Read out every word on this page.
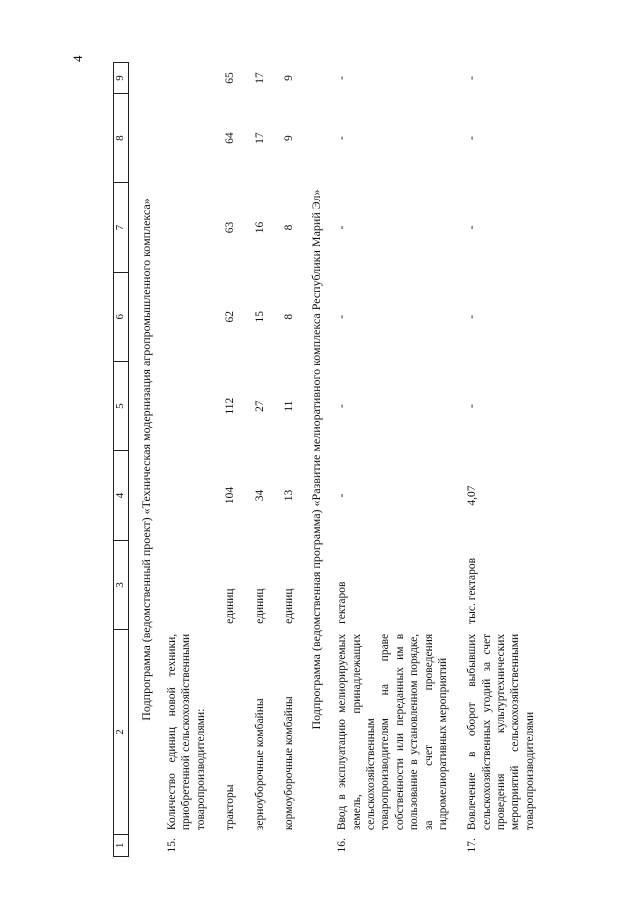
4
1	2	3	4	5	6	7	8	9
Подпрограмма (ведомственный проект) «Техническая модернизация агропромышленного комплекса»								
15.	Количество единиц новой техники, приобретенной сельскохозяйственными товаропроизводителями:							
	тракторы	единиц	104	112	62	63	64	65
	зерноуборочные комбайны	единиц	34	27	15	16	17	17
	кормоуборочные комбайны	единиц	13	11	8	8	9	9
Подпрограмма (ведомственная программа) «Развитие мелиоративного комплекса Республики Марий Эл»								
16.	Ввод в эксплуатацию мелиорируемых земель, принадлежащих сельскохозяйственным товаропроизводителям на праве собственности или переданных им в пользование в установленном порядке, за счет проведения гидромелиоративных мероприятий	гектаров	-	-	-	-	-	-
17.	Вовлечение в оборот выбывших сельскохозяйственных угодий за счет проведения культуртехнических мероприятий сельскохозяйственными товаропроизводителями	тыс. гектаров	4,07	-	-	-	-	-
